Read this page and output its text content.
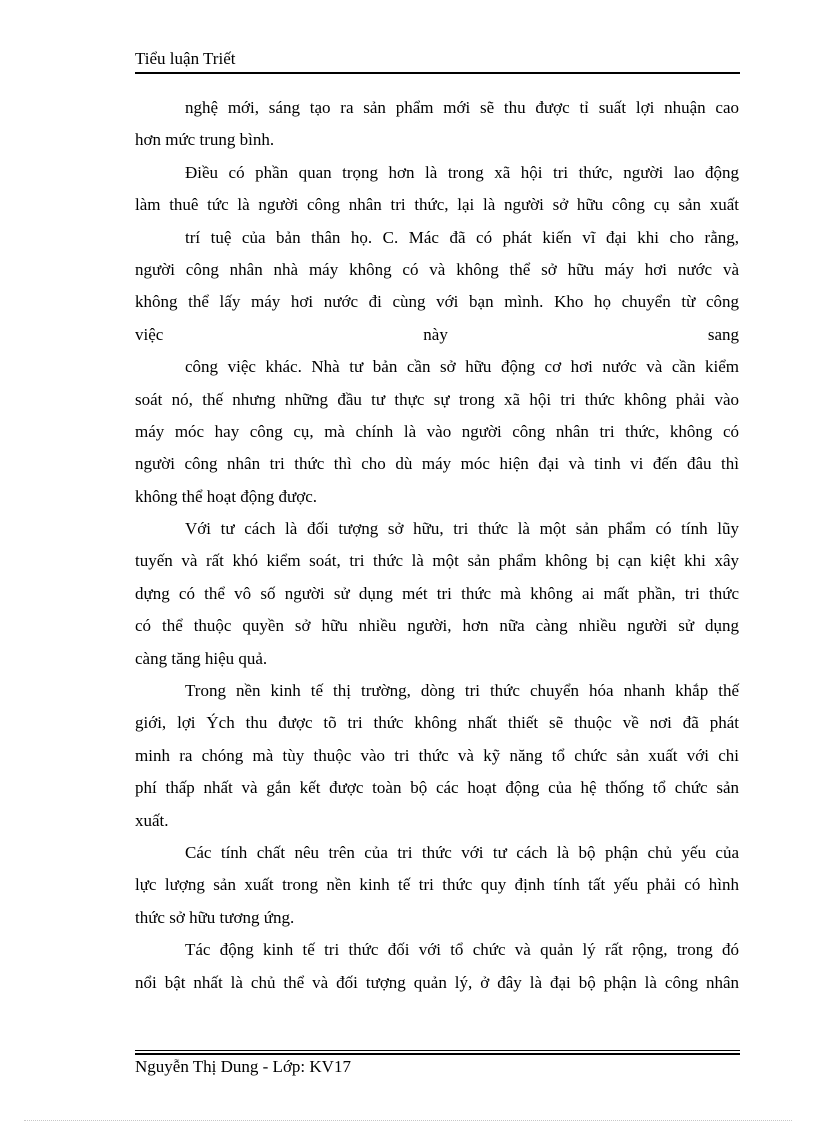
Tiểu luận Triết
nghệ mới, sáng tạo ra sản phẩm mới sẽ thu được tỉ suất lợi nhuận cao
hơn mức trung bình.
Điều có phần quan trọng hơn là trong xã hội tri thức, người lao động
làm thuê tức là người công nhân tri thức, lại là người sở hữu công cụ sản xuất
trí tuệ của bản thân họ. C. Mác đã có phát kiến vĩ đại khi cho rằng,
người công nhân nhà máy không có và không thể sở hữu máy hơi nước và
không thể lấy máy hơi nước đi cùng với bạn mình. Kho họ chuyển từ công
việc này sang
công việc khác. Nhà tư bản cần sở hữu động cơ hơi nước và cần kiểm
soát nó, thế nhưng những đầu tư thực sự trong xã hội tri thức không phải vào
máy móc hay công cụ, mà chính là vào người công nhân tri thức, không có
người công nhân tri thức thì cho dù máy móc hiện đại và tinh vi đến đâu thì
không thể hoạt động được.
Với tư cách là đối tượng sở hữu, tri thức là một sản phẩm có tính lũy
tuyến và rất khó kiểm soát, tri thức là một sản phẩm không bị cạn kiệt khi xây
dựng có thể vô số người sử dụng mét tri thức mà không ai mất phần, tri thức
có thể thuộc quyền sở hữu nhiều người, hơn nữa càng nhiều người sử dụng
càng tăng hiệu quả.
Trong nền kinh tế thị trường, dòng tri thức chuyển hóa nhanh khắp thế
giới, lợi Ých thu được tõ tri thức không nhất thiết sẽ thuộc về nơi đã phát
minh ra chóng mà tùy thuộc vào tri thức và kỹ năng tổ chức sản xuất với chi
phí thấp nhất và gắn kết được toàn bộ các hoạt động của hệ thống tổ chức sản
xuất.
Các tính chất nêu trên của tri thức với tư cách là bộ phận chủ yếu của
lực lượng sản xuất trong nền kinh tế tri thức quy định tính tất yếu phải có hình
thức sở hữu tương ứng.
Tác động kinh tế tri thức đối với tổ chức và quản lý rất rộng, trong đó
nổi bật nhất là chủ thể và đối tượng quản lý, ở đây là đại bộ phận là công nhân
Nguyễn Thị Dung - Lớp: KV17
